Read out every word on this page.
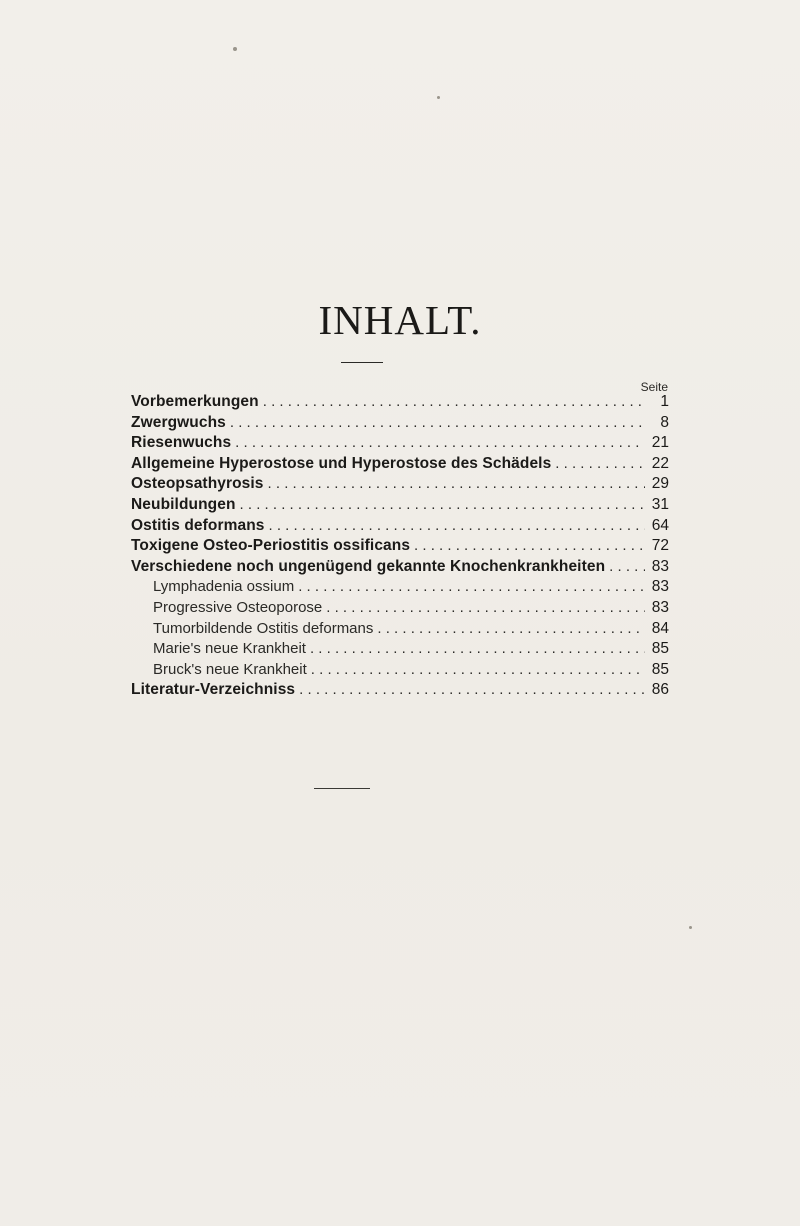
INHALT.
Seite
Vorbemerkungen . . .	1
Zwergwuchs . . .	8
Riesenwuchs . . .	21
Allgemeine Hyperostose und Hyperostose des Schädels . . .	22
Osteopsathyrosis . . .	29
Neubildungen . . .	31
Ostitis deformans . . .	64
Toxigene Osteo-Periostitis ossificans . . .	72
Verschiedene noch ungenügend gekannte Knochenkrankheiten . . .	83
Lymphadenia ossium . . .	83
Progressive Osteoporose . . .	83
Tumorbildende Ostitis deformans . . .	84
Marie's neue Krankheit . . .	85
Bruck's neue Krankheit . . .	85
Literatur-Verzeichniss . . .	86
